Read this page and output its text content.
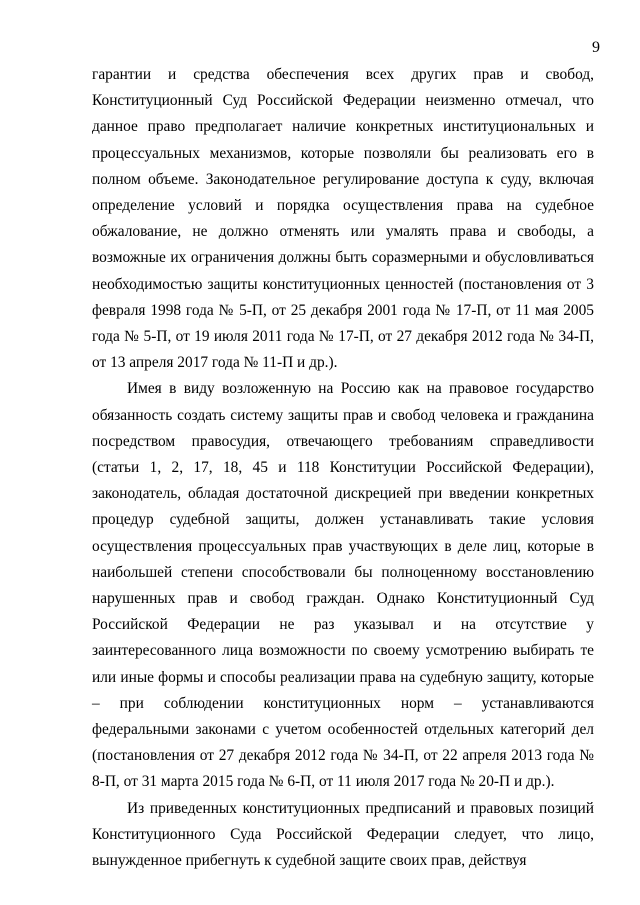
9

гарантии и средства обеспечения всех других прав и свобод, Конституционный Суд Российской Федерации неизменно отмечал, что данное право предполагает наличие конкретных институциональных и процессуальных механизмов, которые позволяли бы реализовать его в полном объеме. Законодательное регулирование доступа к суду, включая определение условий и порядка осуществления права на судебное обжалование, не должно отменять или умалять права и свободы, а возможные их ограничения должны быть соразмерными и обусловливаться необходимостью защиты конституционных ценностей (постановления от 3 февраля 1998 года № 5-П, от 25 декабря 2001 года № 17-П, от 11 мая 2005 года № 5-П, от 19 июля 2011 года № 17-П, от 27 декабря 2012 года № 34-П, от 13 апреля 2017 года № 11-П и др.).

Имея в виду возложенную на Россию как на правовое государство обязанность создать систему защиты прав и свобод человека и гражданина посредством правосудия, отвечающего требованиям справедливости (статьи 1, 2, 17, 18, 45 и 118 Конституции Российской Федерации), законодатель, обладая достаточной дискрецией при введении конкретных процедур судебной защиты, должен устанавливать такие условия осуществления процессуальных прав участвующих в деле лиц, которые в наибольшей степени способствовали бы полноценному восстановлению нарушенных прав и свобод граждан. Однако Конституционный Суд Российской Федерации не раз указывал и на отсутствие у заинтересованного лица возможности по своему усмотрению выбирать те или иные формы и способы реализации права на судебную защиту, которые – при соблюдении конституционных норм – устанавливаются федеральными законами с учетом особенностей отдельных категорий дел (постановления от 27 декабря 2012 года № 34-П, от 22 апреля 2013 года № 8-П, от 31 марта 2015 года № 6-П, от 11 июля 2017 года № 20-П и др.).

Из приведенных конституционных предписаний и правовых позиций Конституционного Суда Российской Федерации следует, что лицо, вынужденное прибегнуть к судебной защите своих прав, действуя
